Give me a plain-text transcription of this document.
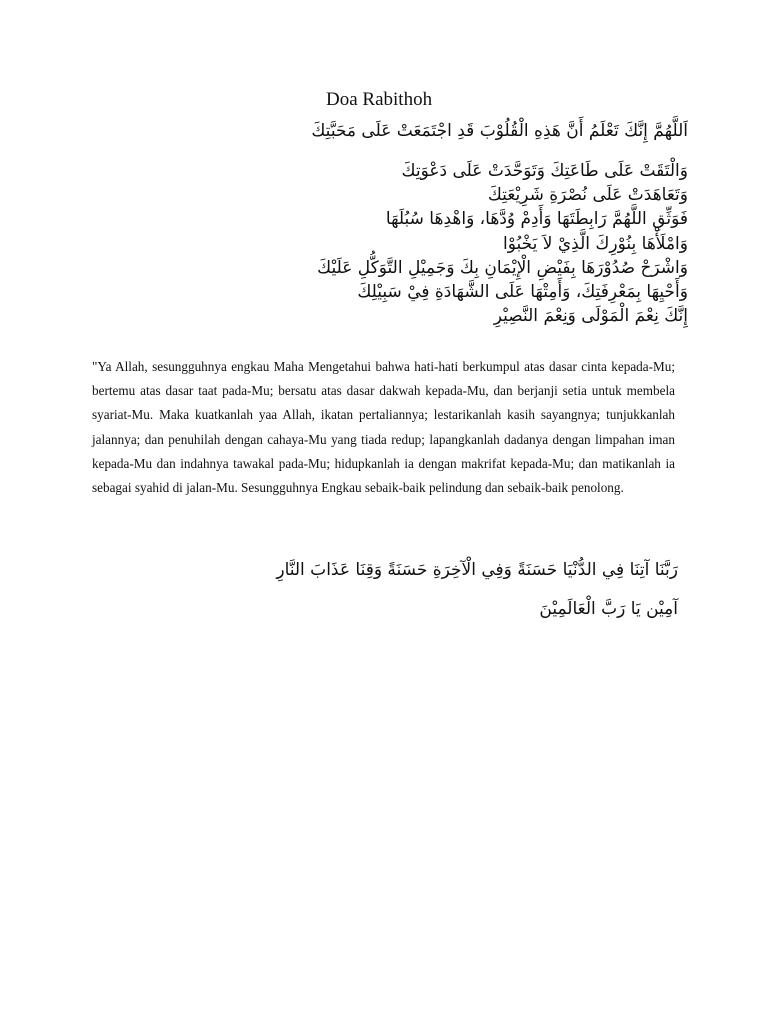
Doa Rabithoh
اَللَّهُمَّ إِنَّكَ تَعْلَمُ أَنَّ هَذِهِ الْقُلُوْبَ قَدِ اجْتَمَعَتْ عَلَى مَحَبَّتِكَ
وَالْتَقَتْ عَلَى طَاعَتِكَ وَتَوَحَّدَتْ عَلَى دَعْوَتِكَ
وَتَعَاهَدَتْ عَلَى نُصْرَةِ شَرِيْعَتِكَ
فَوَثِّقِ اللَّهُمَّ رَابِطَتَهَا وَأَدِمْ وُدَّهَا، وَاهْدِهَا سُبُلَهَا
وَامْلَأْهَا بِنُوْرِكَ الَّذِيْ لاَ يَخْبُوْا
وَاشْرَحْ صُدُوْرَهَا بِفَيْضِ الْإِيْمَانِ بِكَ وَجَمِيْلِ التَّوَكُّلِ عَلَيْكَ
وَأَحْيِهَا بِمَعْرِفَتِكَ، وَأَمِتْهَا عَلَى الشَّهَادَةِ فِيْ سَبِيْلِكَ
إِنَّكَ نِعْمَ الْمَوْلَى وَنِعْمَ النَّصِيْرِ

"Ya Allah, sesungguhnya engkau Maha Mengetahui bahwa hati-hati berkumpul atas dasar cinta kepada-Mu; bertemu atas dasar taat pada-Mu; bersatu atas dasar dakwah kepada-Mu, dan berjanji setia untuk membela syariat-Mu. Maka kuatkanlah yaa Allah, ikatan pertaliannya; lestarikanlah kasih sayangnya; tunjukkanlah jalannya; dan penuhilah dengan cahaya-Mu yang tiada redup; lapangkanlah dadanya dengan limpahan iman kepada-Mu dan indahnya tawakal pada-Mu; hidupkanlah ia dengan makrifat kepada-Mu; dan matikanlah ia sebagai syahid di jalan-Mu. Sesungguhnya Engkau sebaik-baik pelindung dan sebaik-baik penolong.

رَبَّنَا آتِنَا فِي الدُّنْيَا حَسَنَةً وَفِي الْآخِرَةِ حَسَنَةً وَقِنَا عَذَابَ النَّارِ
آمِيْن يَا رَبَّ الْعَالَمِيْنَ
